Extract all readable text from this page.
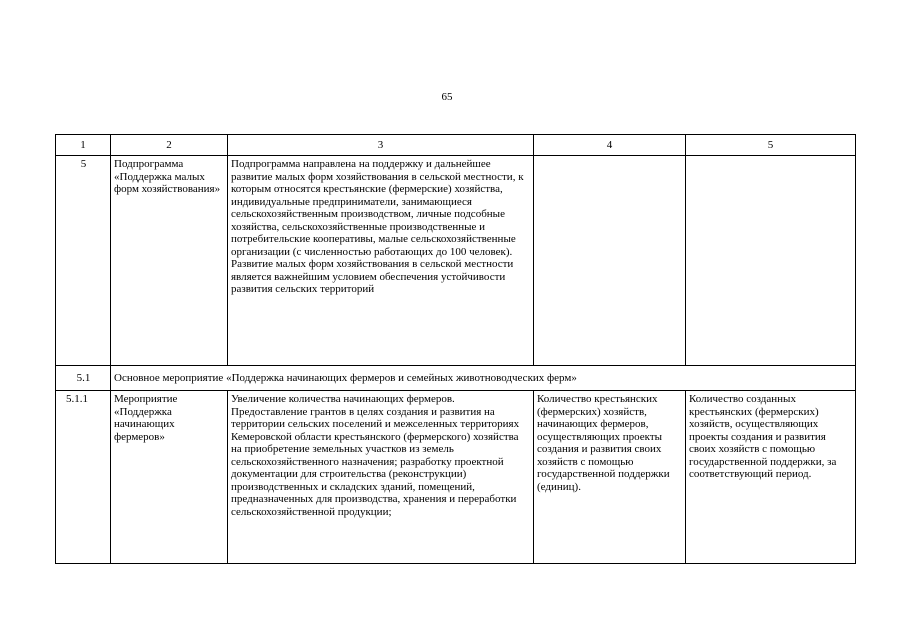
65
1	2	3	4	5
5	Подпрограмма «Поддержка малых форм хозяйствования»	Подпрограмма направлена на поддержку и дальнейшее развитие малых форм хозяйствования в сельской местности, к которым относятся крестьянские (фермерские) хозяйства, индивидуальные предприниматели, занимающиеся сельскохозяйственным производством, личные подсобные хозяйства, сельскохозяйственные производственные и потребительские кооперативы, малые сельскохозяйственные организации (с численностью работающих до 100 человек). Развитие малых форм хозяйствования в сельской местности является важнейшим условием обеспечения устойчивости развития сельских территорий		
5.1	Основное мероприятие «Поддержка начинающих фермеров и семейных животноводческих ферм»			
5.1.1	Мероприятие «Поддержка начинающих фермеров»	Увеличение количества начинающих фермеров. Предоставление грантов в целях создания и развития на территории сельских поселений и межселенных территориях Кемеровской области крестьянского (фермерского) хозяйства на приобретение земельных участков из земель сельскохозяйственного назначения; разработку проектной документации для строительства (реконструкции) производственных и складских зданий, помещений, предназначенных для производства, хранения и переработки сельскохозяйственной продукции;	Количество крестьянских (фермерских) хозяйств, начинающих фермеров, осуществляющих проекты создания и развития своих хозяйств с помощью государственной поддержки (единиц).	Количество созданных крестьянских (фермерских) хозяйств, осуществляющих проекты создания и развития своих хозяйств с помощью государственной поддержки, за соответствующий период.
